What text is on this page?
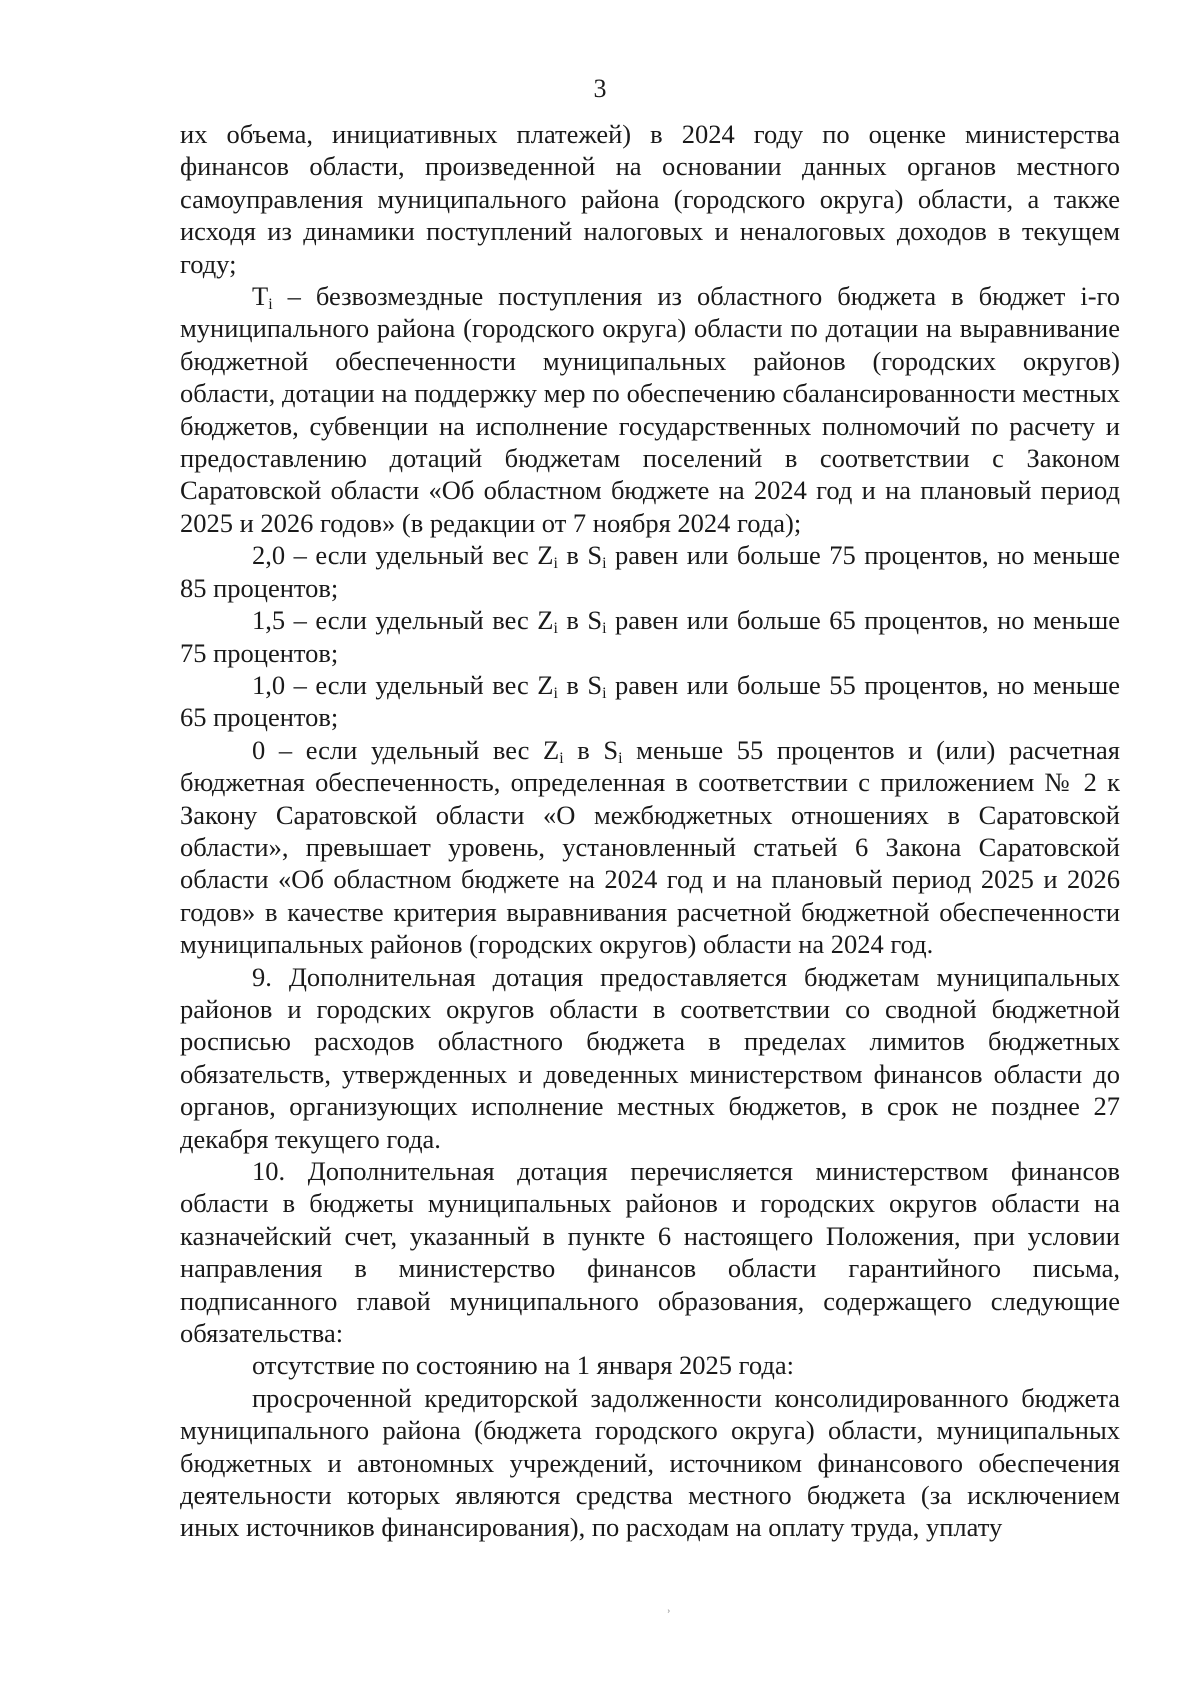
3

их объема, инициативных платежей) в 2024 году по оценке министерства финансов области, произведенной на основании данных органов местного самоуправления муниципального района (городского округа) области, а также исходя из динамики поступлений налоговых и неналоговых доходов в текущем году;

$T_i$ – безвозмездные поступления из областного бюджета в бюджет i-го муниципального района (городского округа) области по дотации на выравнивание бюджетной обеспеченности муниципальных районов (городских округов) области, дотации на поддержку мер по обеспечению сбалансированности местных бюджетов, субвенции на исполнение государственных полномочий по расчету и предоставлению дотаций бюджетам поселений в соответствии с Законом Саратовской области «Об областном бюджете на 2024 год и на плановый период 2025 и 2026 годов» (в редакции от 7 ноября 2024 года);

2,0 – если удельный вес $Z_i$ в $S_i$ равен или больше 75 процентов, но меньше 85 процентов;

1,5 – если удельный вес $Z_i$ в $S_i$ равен или больше 65 процентов, но меньше 75 процентов;

1,0 – если удельный вес $Z_i$ в $S_i$ равен или больше 55 процентов, но меньше 65 процентов;

0 – если удельный вес $Z_i$ в $S_i$ меньше 55 процентов и (или) расчетная бюджетная обеспеченность, определенная в соответствии с приложением № 2 к Закону Саратовской области «О межбюджетных отношениях в Саратовской области», превышает уровень, установленный статьей 6 Закона Саратовской области «Об областном бюджете на 2024 год и на плановый период 2025 и 2026 годов» в качестве критерия выравнивания расчетной бюджетной обеспеченности муниципальных районов (городских округов) области на 2024 год.

9. Дополнительная дотация предоставляется бюджетам муниципальных районов и городских округов области в соответствии со сводной бюджетной росписью расходов областного бюджета в пределах лимитов бюджетных обязательств, утвержденных и доведенных министерством финансов области до органов, организующих исполнение местных бюджетов, в срок не позднее 27 декабря текущего года.

10. Дополнительная дотация перечисляется министерством финансов области в бюджеты муниципальных районов и городских округов области на казначейский счет, указанный в пункте 6 настоящего Положения, при условии направления в министерство финансов области гарантийного письма, подписанного главой муниципального образования, содержащего следующие обязательства:

отсутствие по состоянию на 1 января 2025 года:

просроченной кредиторской задолженности консолидированного бюджета муниципального района (бюджета городского округа) области, муниципальных бюджетных и автономных учреждений, источником финансового обеспечения деятельности которых являются средства местного бюджета (за исключением иных источников финансирования), по расходам на оплату труда, уплату

ʾ
